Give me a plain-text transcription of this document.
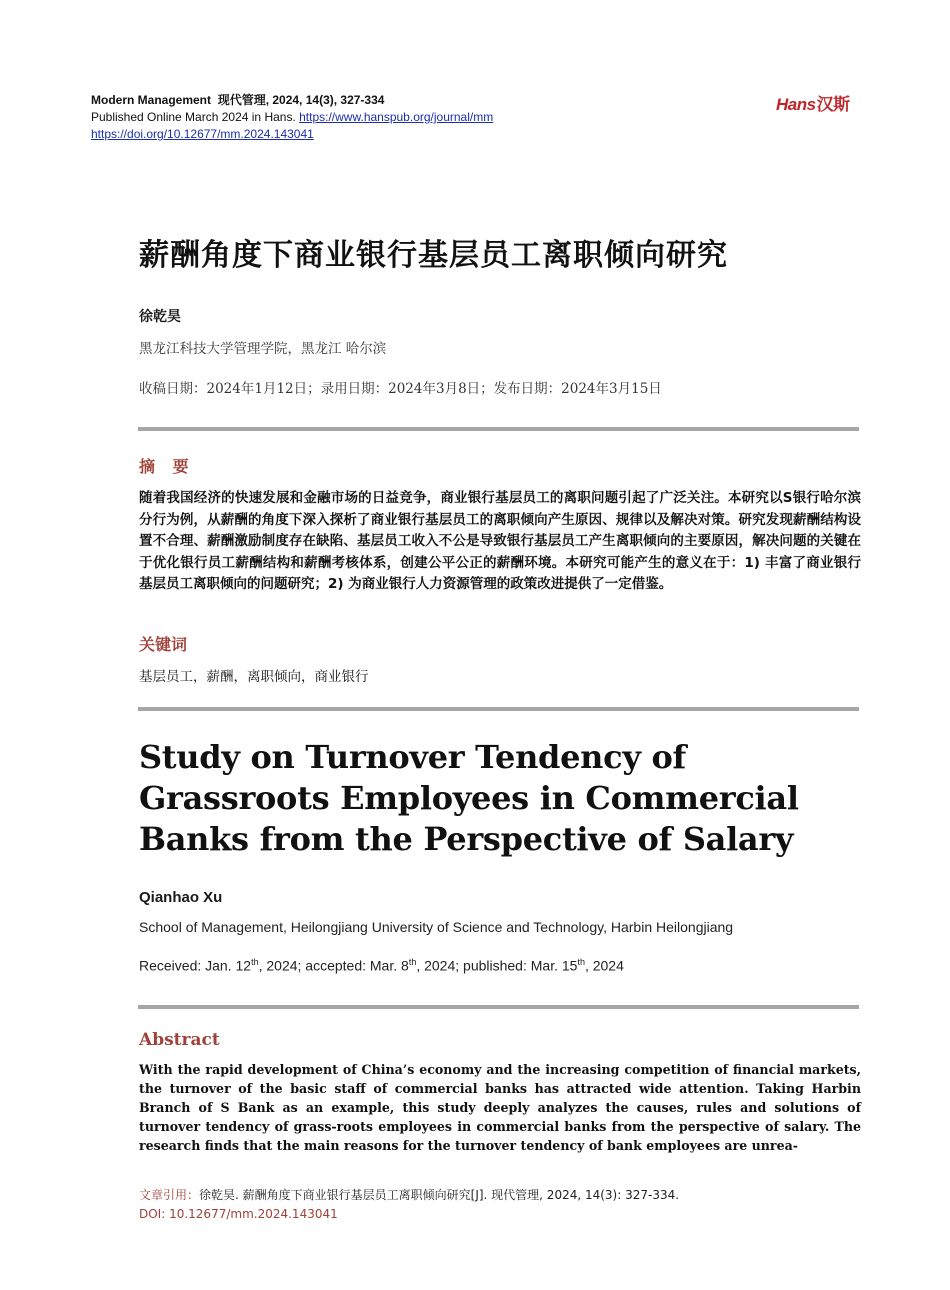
Modern Management 现代管理, 2024, 14(3), 327-334
Published Online March 2024 in Hans. https://www.hanspub.org/journal/mm
https://doi.org/10.12677/mm.2024.143041
Hans汉斯
薪酬角度下商业银行基层员工离职倾向研究
徐乾昊
黑龙江科技大学管理学院，黑龙江 哈尔滨
收稿日期：2024年1月12日；录用日期：2024年3月8日；发布日期：2024年3月15日
摘 要
随着我国经济的快速发展和金融市场的日益竞争，商业银行基层员工的离职问题引起了广泛关注。本研究以S银行哈尔滨分行为例，从薪酬的角度下深入探析了商业银行基层员工的离职倾向产生原因、规律以及解决对策。研究发现薪酬结构设置不合理、薪酬激励制度存在缺陷、基层员工收入不公是导致银行基层员工产生离职倾向的主要原因，解决问题的关键在于优化银行员工薪酬结构和薪酬考核体系，创建公平公正的薪酬环境。本研究可能产生的意义在于：1) 丰富了商业银行基层员工离职倾向的问题研究；2) 为商业银行人力资源管理的政策改进提供了一定借鉴。
关键词
基层员工，薪酬，离职倾向，商业银行
Study on Turnover Tendency of Grassroots Employees in Commercial Banks from the Perspective of Salary
Qianhao Xu
School of Management, Heilongjiang University of Science and Technology, Harbin Heilongjiang
Received: Jan. 12th, 2024; accepted: Mar. 8th, 2024; published: Mar. 15th, 2024
Abstract
With the rapid development of China’s economy and the increasing competition of financial markets, the turnover of the basic staff of commercial banks has attracted wide attention. Taking Harbin Branch of S Bank as an example, this study deeply analyzes the causes, rules and solutions of turnover tendency of grass-roots employees in commercial banks from the perspective of salary. The research finds that the main reasons for the turnover tendency of bank employees are unrea-
文章引用：徐乾昊. 薪酬角度下商业银行基层员工离职倾向研究[J]. 现代管理, 2024, 14(3): 327-334.
DOI: 10.12677/mm.2024.143041
